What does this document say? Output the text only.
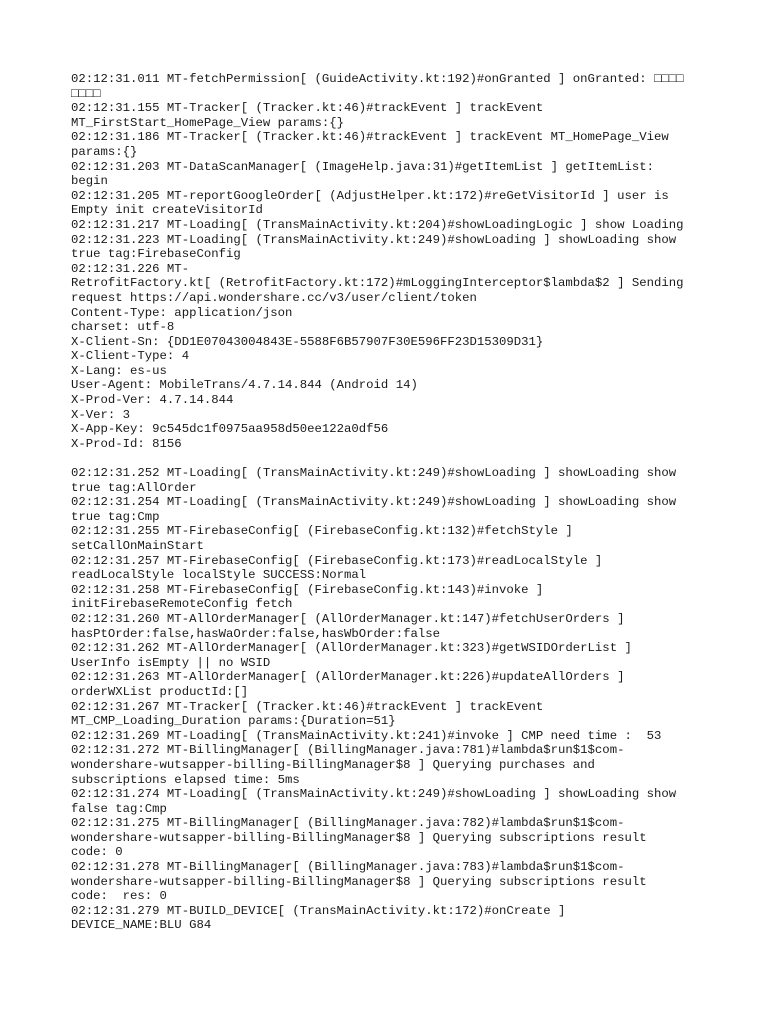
02:12:31.011 MT-fetchPermission[ (GuideActivity.kt:192)#onGranted ] onGranted: □□□□
□□□□
02:12:31.155 MT-Tracker[ (Tracker.kt:46)#trackEvent ] trackEvent
MT_FirstStart_HomePage_View params:{}
02:12:31.186 MT-Tracker[ (Tracker.kt:46)#trackEvent ] trackEvent MT_HomePage_View
params:{}
02:12:31.203 MT-DataScanManager[ (ImageHelp.java:31)#getItemList ] getItemList:
begin
02:12:31.205 MT-reportGoogleOrder[ (AdjustHelper.kt:172)#reGetVisitorId ] user is
Empty init createVisitorId
02:12:31.217 MT-Loading[ (TransMainActivity.kt:204)#showLoadingLogic ] show Loading
02:12:31.223 MT-Loading[ (TransMainActivity.kt:249)#showLoading ] showLoading show
true tag:FirebaseConfig
02:12:31.226 MT-
RetrofitFactory.kt[ (RetrofitFactory.kt:172)#mLoggingInterceptor$lambda$2 ] Sending
request https://api.wondershare.cc/v3/user/client/token
Content-Type: application/json
charset: utf-8
X-Client-Sn: {DD1E07043004843E-5588F6B57907F30E596FF23D15309D31}
X-Client-Type: 4
X-Lang: es-us
User-Agent: MobileTrans/4.7.14.844 (Android 14)
X-Prod-Ver: 4.7.14.844
X-Ver: 3
X-App-Key: 9c545dc1f0975aa958d50ee122a0df56
X-Prod-Id: 8156
02:12:31.252 MT-Loading[ (TransMainActivity.kt:249)#showLoading ] showLoading show
true tag:AllOrder
02:12:31.254 MT-Loading[ (TransMainActivity.kt:249)#showLoading ] showLoading show
true tag:Cmp
02:12:31.255 MT-FirebaseConfig[ (FirebaseConfig.kt:132)#fetchStyle ]
setCallOnMainStart
02:12:31.257 MT-FirebaseConfig[ (FirebaseConfig.kt:173)#readLocalStyle ]
readLocalStyle localStyle SUCCESS:Normal
02:12:31.258 MT-FirebaseConfig[ (FirebaseConfig.kt:143)#invoke ]
initFirebaseRemoteConfig fetch
02:12:31.260 MT-AllOrderManager[ (AllOrderManager.kt:147)#fetchUserOrders ]
hasPtOrder:false,hasWaOrder:false,hasWbOrder:false
02:12:31.262 MT-AllOrderManager[ (AllOrderManager.kt:323)#getWSIDOrderList ]
UserInfo isEmpty || no WSID
02:12:31.263 MT-AllOrderManager[ (AllOrderManager.kt:226)#updateAllOrders ]
orderWXList productId:[]
02:12:31.267 MT-Tracker[ (Tracker.kt:46)#trackEvent ] trackEvent
MT_CMP_Loading_Duration params:{Duration=51}
02:12:31.269 MT-Loading[ (TransMainActivity.kt:241)#invoke ] CMP need time :  53
02:12:31.272 MT-BillingManager[ (BillingManager.java:781)#lambda$run$1$com-
wondershare-wutsapper-billing-BillingManager$8 ] Querying purchases and
subscriptions elapsed time: 5ms
02:12:31.274 MT-Loading[ (TransMainActivity.kt:249)#showLoading ] showLoading show
false tag:Cmp
02:12:31.275 MT-BillingManager[ (BillingManager.java:782)#lambda$run$1$com-
wondershare-wutsapper-billing-BillingManager$8 ] Querying subscriptions result
code: 0
02:12:31.278 MT-BillingManager[ (BillingManager.java:783)#lambda$run$1$com-
wondershare-wutsapper-billing-BillingManager$8 ] Querying subscriptions result
code:  res: 0
02:12:31.279 MT-BUILD_DEVICE[ (TransMainActivity.kt:172)#onCreate ]
DEVICE_NAME:BLU G84
